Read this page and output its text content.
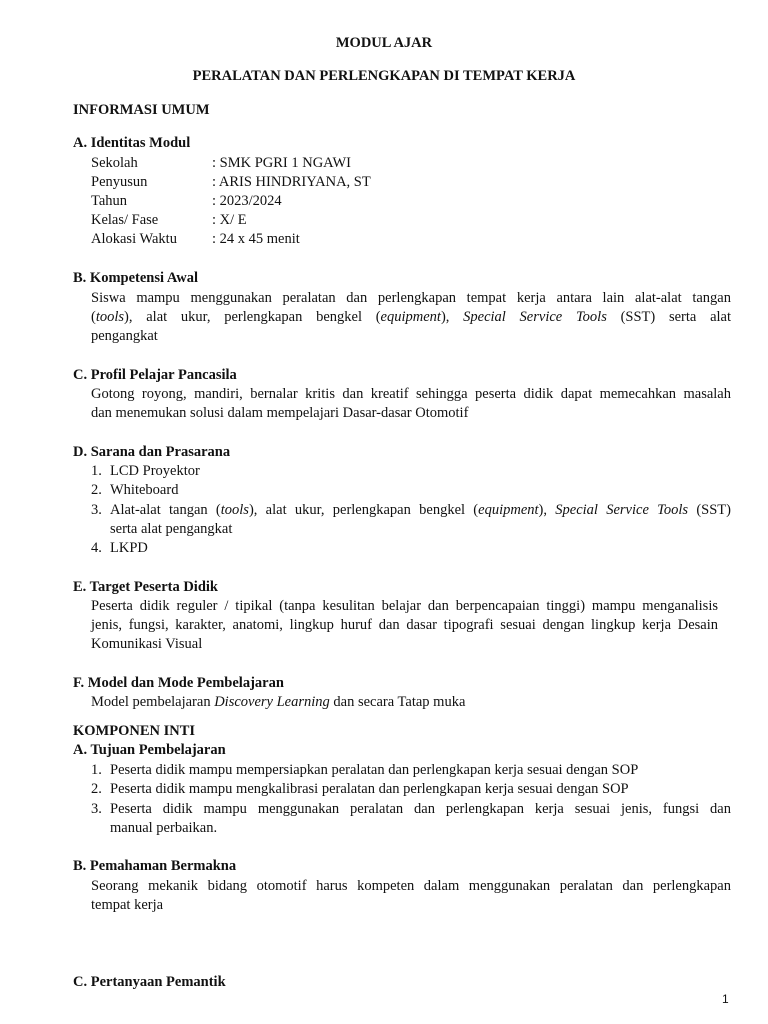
MODUL AJAR
PERALATAN DAN PERLENGKAPAN DI TEMPAT KERJA
INFORMASI UMUM
A. Identitas Modul
Sekolah	: SMK PGRI 1 NGAWI
Penyusun	: ARIS HINDRIYANA, ST
Tahun	: 2023/2024
Kelas/ Fase	: X/ E
Alokasi Waktu : 24 x 45 menit
B. Kompetensi Awal
Siswa mampu menggunakan peralatan dan perlengkapan tempat kerja antara lain alat-alat tangan
(tools), alat ukur, perlengkapan bengkel (equipment), Special Service Tools (SST) serta alat
pengangkat
C. Profil Pelajar Pancasila
Gotong royong, mandiri, bernalar kritis dan kreatif sehingga peserta didik dapat memecahkan masalah
dan menemukan solusi dalam mempelajari Dasar-dasar Otomotif
D. Sarana dan Prasarana
1. LCD Proyektor
2. Whiteboard
3. Alat-alat tangan (tools), alat ukur, perlengkapan bengkel (equipment), Special Service Tools (SST)
serta alat pengangkat
4. LKPD
E. Target Peserta Didik
Peserta didik reguler / tipikal (tanpa kesulitan belajar dan berpencapaian tinggi) mampu menganalisis
jenis, fungsi, karakter, anatomi, lingkup huruf dan dasar tipografi sesuai dengan lingkup kerja Desain
Komunikasi Visual
F. Model dan Mode Pembelajaran
Model pembelajaran Discovery Learning dan secara Tatap muka
KOMPONEN INTI
A. Tujuan Pembelajaran
1. Peserta didik mampu mempersiapkan peralatan dan perlengkapan kerja sesuai dengan SOP
2. Peserta didik mampu mengkalibrasi peralatan dan perlengkapan kerja sesuai dengan SOP
3. Peserta didik mampu menggunakan peralatan dan perlengkapan kerja sesuai jenis, fungsi dan
manual perbaikan.
B. Pemahaman Bermakna
Seorang mekanik bidang otomotif harus kompeten dalam menggunakan peralatan dan perlengkapan
tempat kerja
C. Pertanyaan Pemantik
1
